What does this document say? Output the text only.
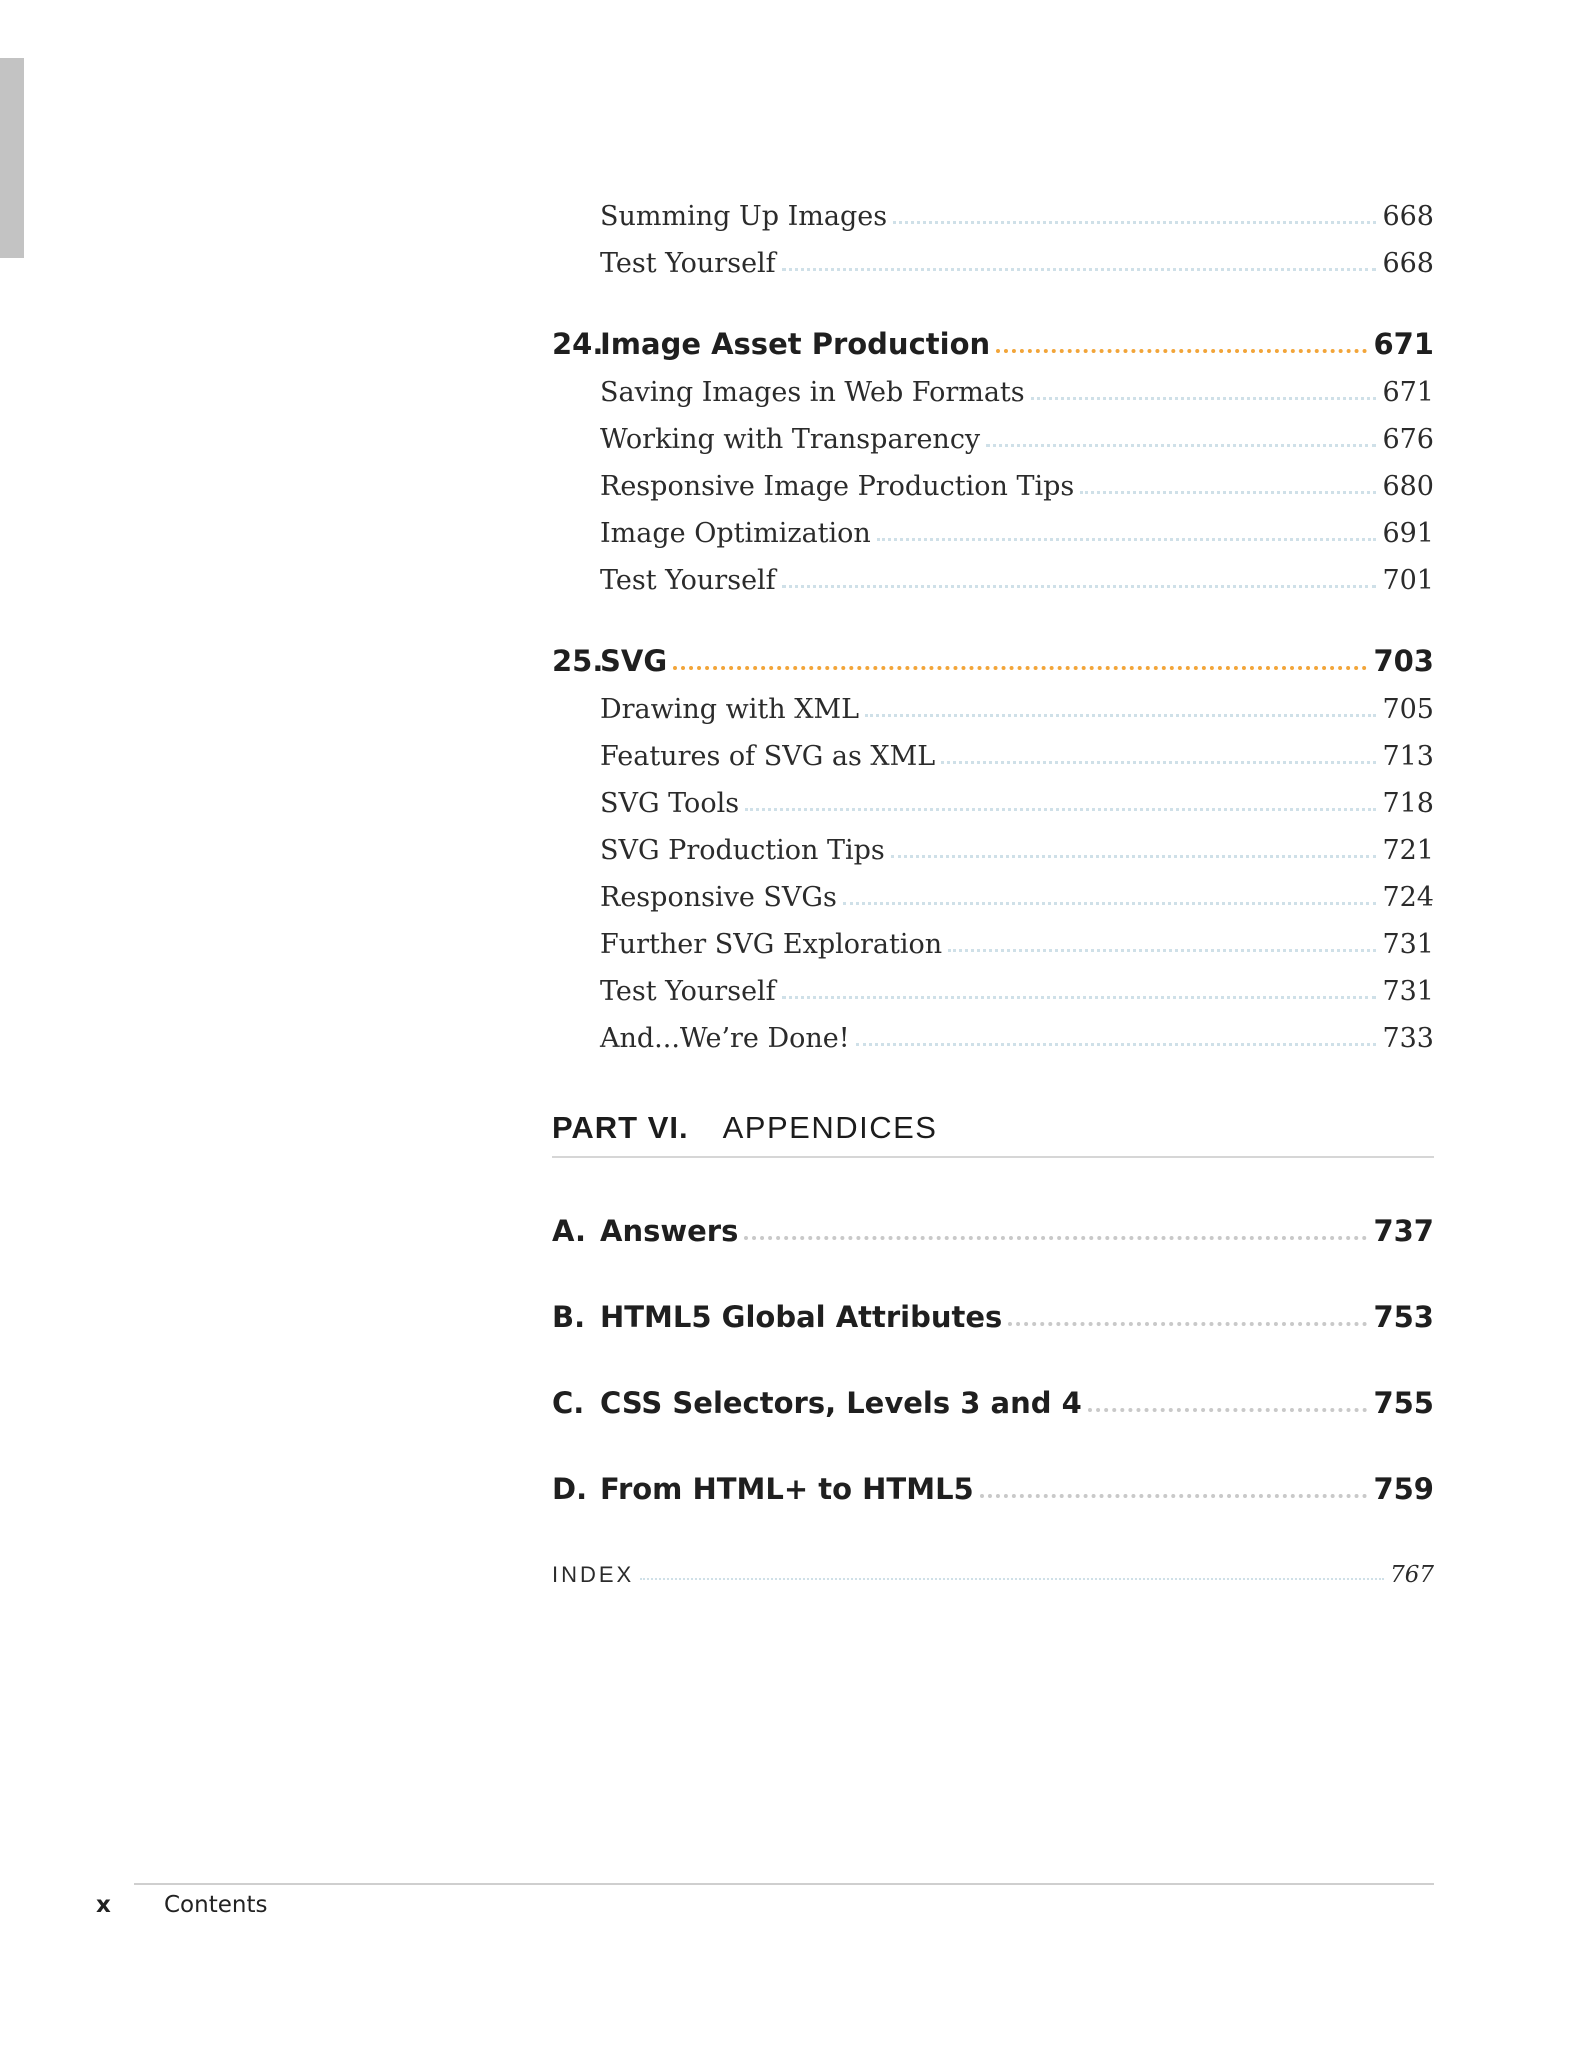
Summing Up Images	668
Test Yourself	668
24.Image Asset Production	671
Saving Images in Web Formats	671
Working with Transparency	676
Responsive Image Production Tips	680
Image Optimization	691
Test Yourself	701
25.SVG	703
Drawing with XML	705
Features of SVG as XML	713
SVG Tools	718
SVG Production Tips	721
Responsive SVGs	724
Further SVG Exploration	731
Test Yourself	731
And...We’re Done!	733
PART VI. APPENDICES
A. Answers	737
B. HTML5 Global Attributes	753
C. CSS Selectors, Levels 3 and 4	755
D. From HTML+ to HTML5	759
INDEX	767
x Contents
